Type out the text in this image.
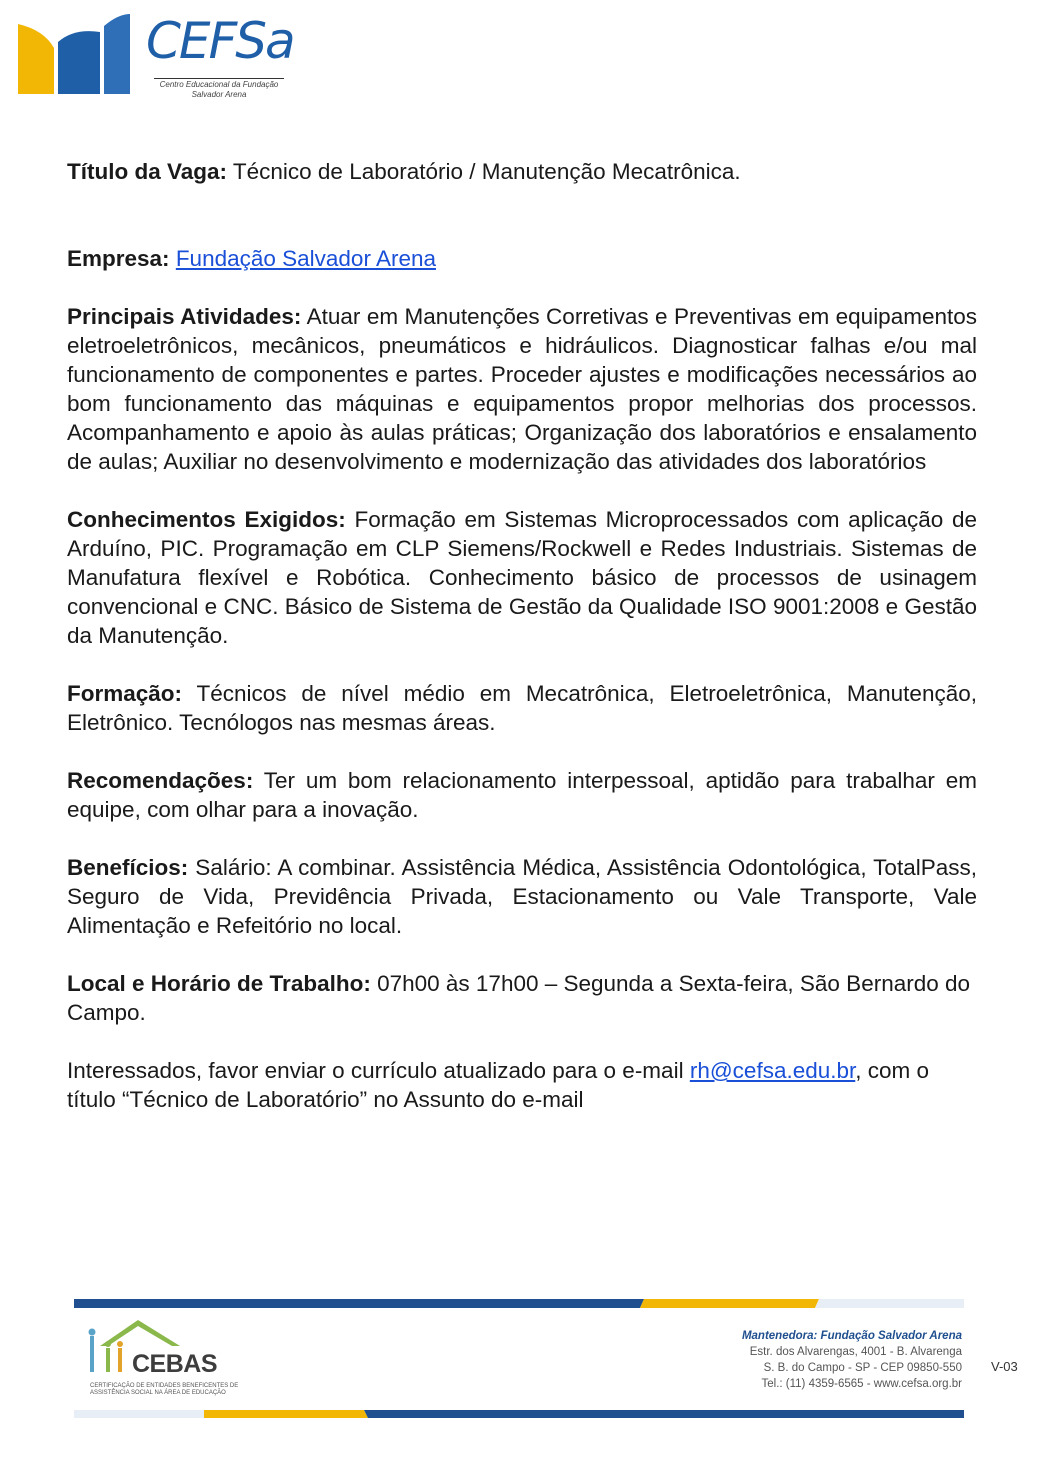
CEFSa
Centro Educacional da Fundação Salvador Arena

Título da Vaga: Técnico de Laboratório / Manutenção Mecatrônica.

Empresa: Fundação Salvador Arena

Principais Atividades: Atuar em Manutenções Corretivas e Preventivas em equipamentos eletroeletrônicos, mecânicos, pneumáticos e hidráulicos. Diagnosticar falhas e/ou mal funcionamento de componentes e partes. Proceder ajustes e modificações necessários ao bom funcionamento das máquinas e equipamentos propor melhorias dos processos. Acompanhamento e apoio às aulas práticas; Organização dos laboratórios e ensalamento de aulas; Auxiliar no desenvolvimento e modernização das atividades dos laboratórios

Conhecimentos Exigidos: Formação em Sistemas Microprocessados com aplicação de Arduíno, PIC. Programação em CLP Siemens/Rockwell e Redes Industriais. Sistemas de Manufatura flexível e Robótica. Conhecimento básico de processos de usinagem convencional e CNC. Básico de Sistema de Gestão da Qualidade ISO 9001:2008 e Gestão da Manutenção.

Formação: Técnicos de nível médio em Mecatrônica, Eletroeletrônica, Manutenção, Eletrônico. Tecnólogos nas mesmas áreas.

Recomendações: Ter um bom relacionamento interpessoal, aptidão para trabalhar em equipe, com olhar para a inovação.

Benefícios: Salário: A combinar. Assistência Médica, Assistência Odontológica, TotalPass, Seguro de Vida, Previdência Privada, Estacionamento ou Vale Transporte, Vale Alimentação e Refeitório no local.

Local e Horário de Trabalho: 07h00 às 17h00 – Segunda a Sexta-feira, São Bernardo do Campo.

Interessados, favor enviar o currículo atualizado para o e-mail rh@cefsa.edu.br, com o título “Técnico de Laboratório” no Assunto do e-mail

CEBAS
CERTIFICAÇÃO DE ENTIDADES BENEFICENTES DE ASSISTÊNCIA SOCIAL NA ÁREA DE EDUCAÇÃO
Mantenedora: Fundação Salvador Arena
Estr. dos Alvarengas, 4001 - B. Alvarenga
S. B. do Campo - SP - CEP 09850-550
Tel.: (11) 4359-6565 - www.cefsa.org.br
V-03
